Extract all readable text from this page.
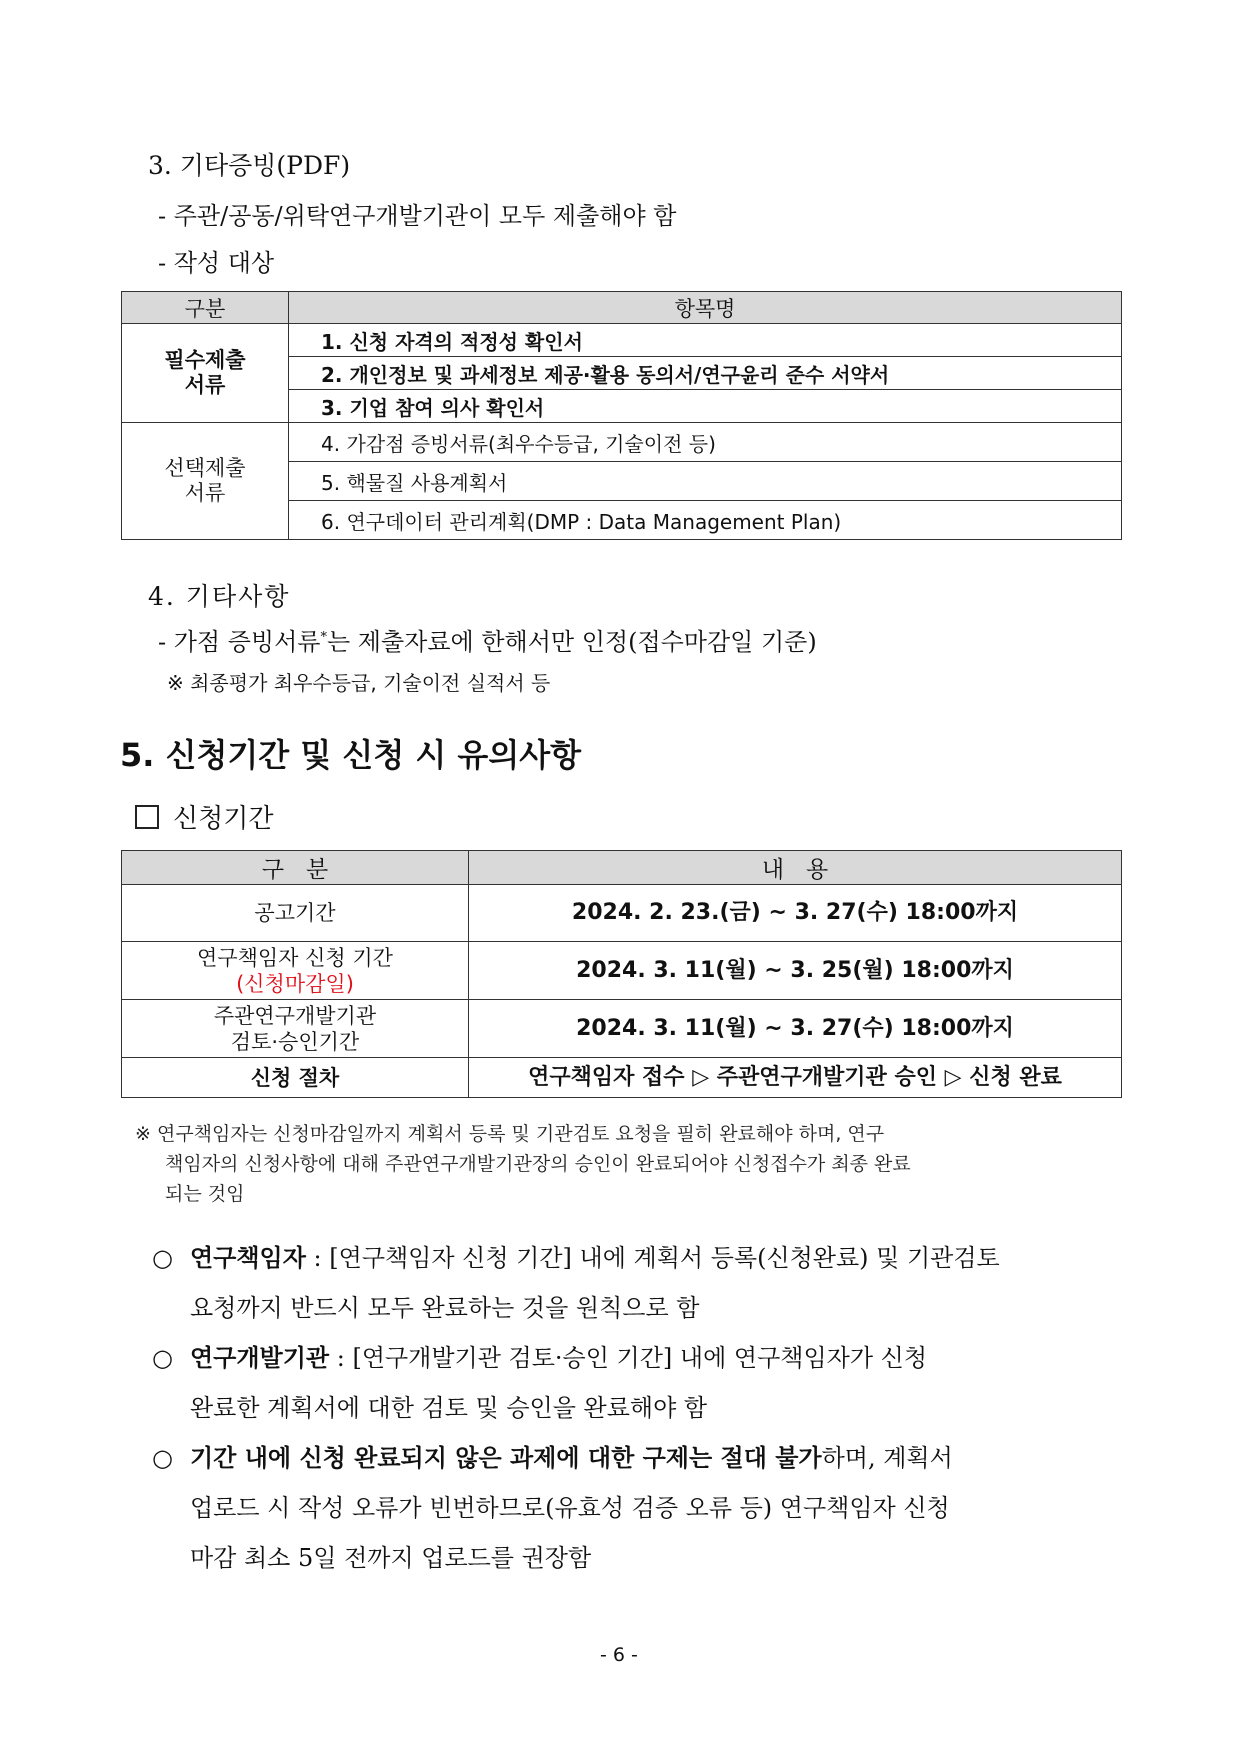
3. 기타증빙(PDF)
- 주관/공동/위탁연구개발기관이 모두 제출해야 함
- 작성 대상
구분	항목명

필수제출
서류	1. 신청 자격의 적정성 확인서
	2. 개인정보 및 과세정보 제공·활용 동의서/연구윤리 준수 서약서
	3. 기업 참여 의사 확인서

선택제출
서류	4. 가감점 증빙서류(최우수등급, 기술이전 등)
	5. 핵물질 사용계획서
	6. 연구데이터 관리계획(DMP : Data Management Plan)
4. 기타사항
- 가점 증빙서류*는 제출자료에 한해서만 인정(접수마감일 기준)
※ 최종평가 최우수등급, 기술이전 실적서 등
5. 신청기간 및 신청 시 유의사항
신청기간
구   분	내   용
공고기간	2024. 2. 23.(금) ~ 3. 27(수) 18:00까지

연구책임자 신청 기간
(신청마감일)	2024. 3. 11(월) ~ 3. 25(월) 18:00까지

주관연구개발기관
검토·승인기간	2024. 3. 11(월) ~ 3. 27(수) 18:00까지
신청 절차	연구책임자 접수 ▷ 주관연구개발기관 승인 ▷ 신청 완료
※ 연구책임자는 신청마감일까지 계획서 등록 및 기관검토 요청을 필히 완료해야 하며, 연구
책임자의 신청사항에 대해 주관연구개발기관장의 승인이 완료되어야 신청접수가 최종 완료
되는 것임
○ 연구책임자 : [연구책임자 신청 기간] 내에 계획서 등록(신청완료) 및 기관검토
요청까지 반드시 모두 완료하는 것을 원칙으로 함
○ 연구개발기관 : [연구개발기관 검토·승인 기간] 내에 연구책임자가 신청
완료한 계획서에 대한 검토 및 승인을 완료해야 함
○ 기간 내에 신청 완료되지 않은 과제에 대한 구제는 절대 불가하며, 계획서
업로드 시 작성 오류가 빈번하므로(유효성 검증 오류 등) 연구책임자 신청
마감 최소 5일 전까지 업로드를 권장함
- 6 -
